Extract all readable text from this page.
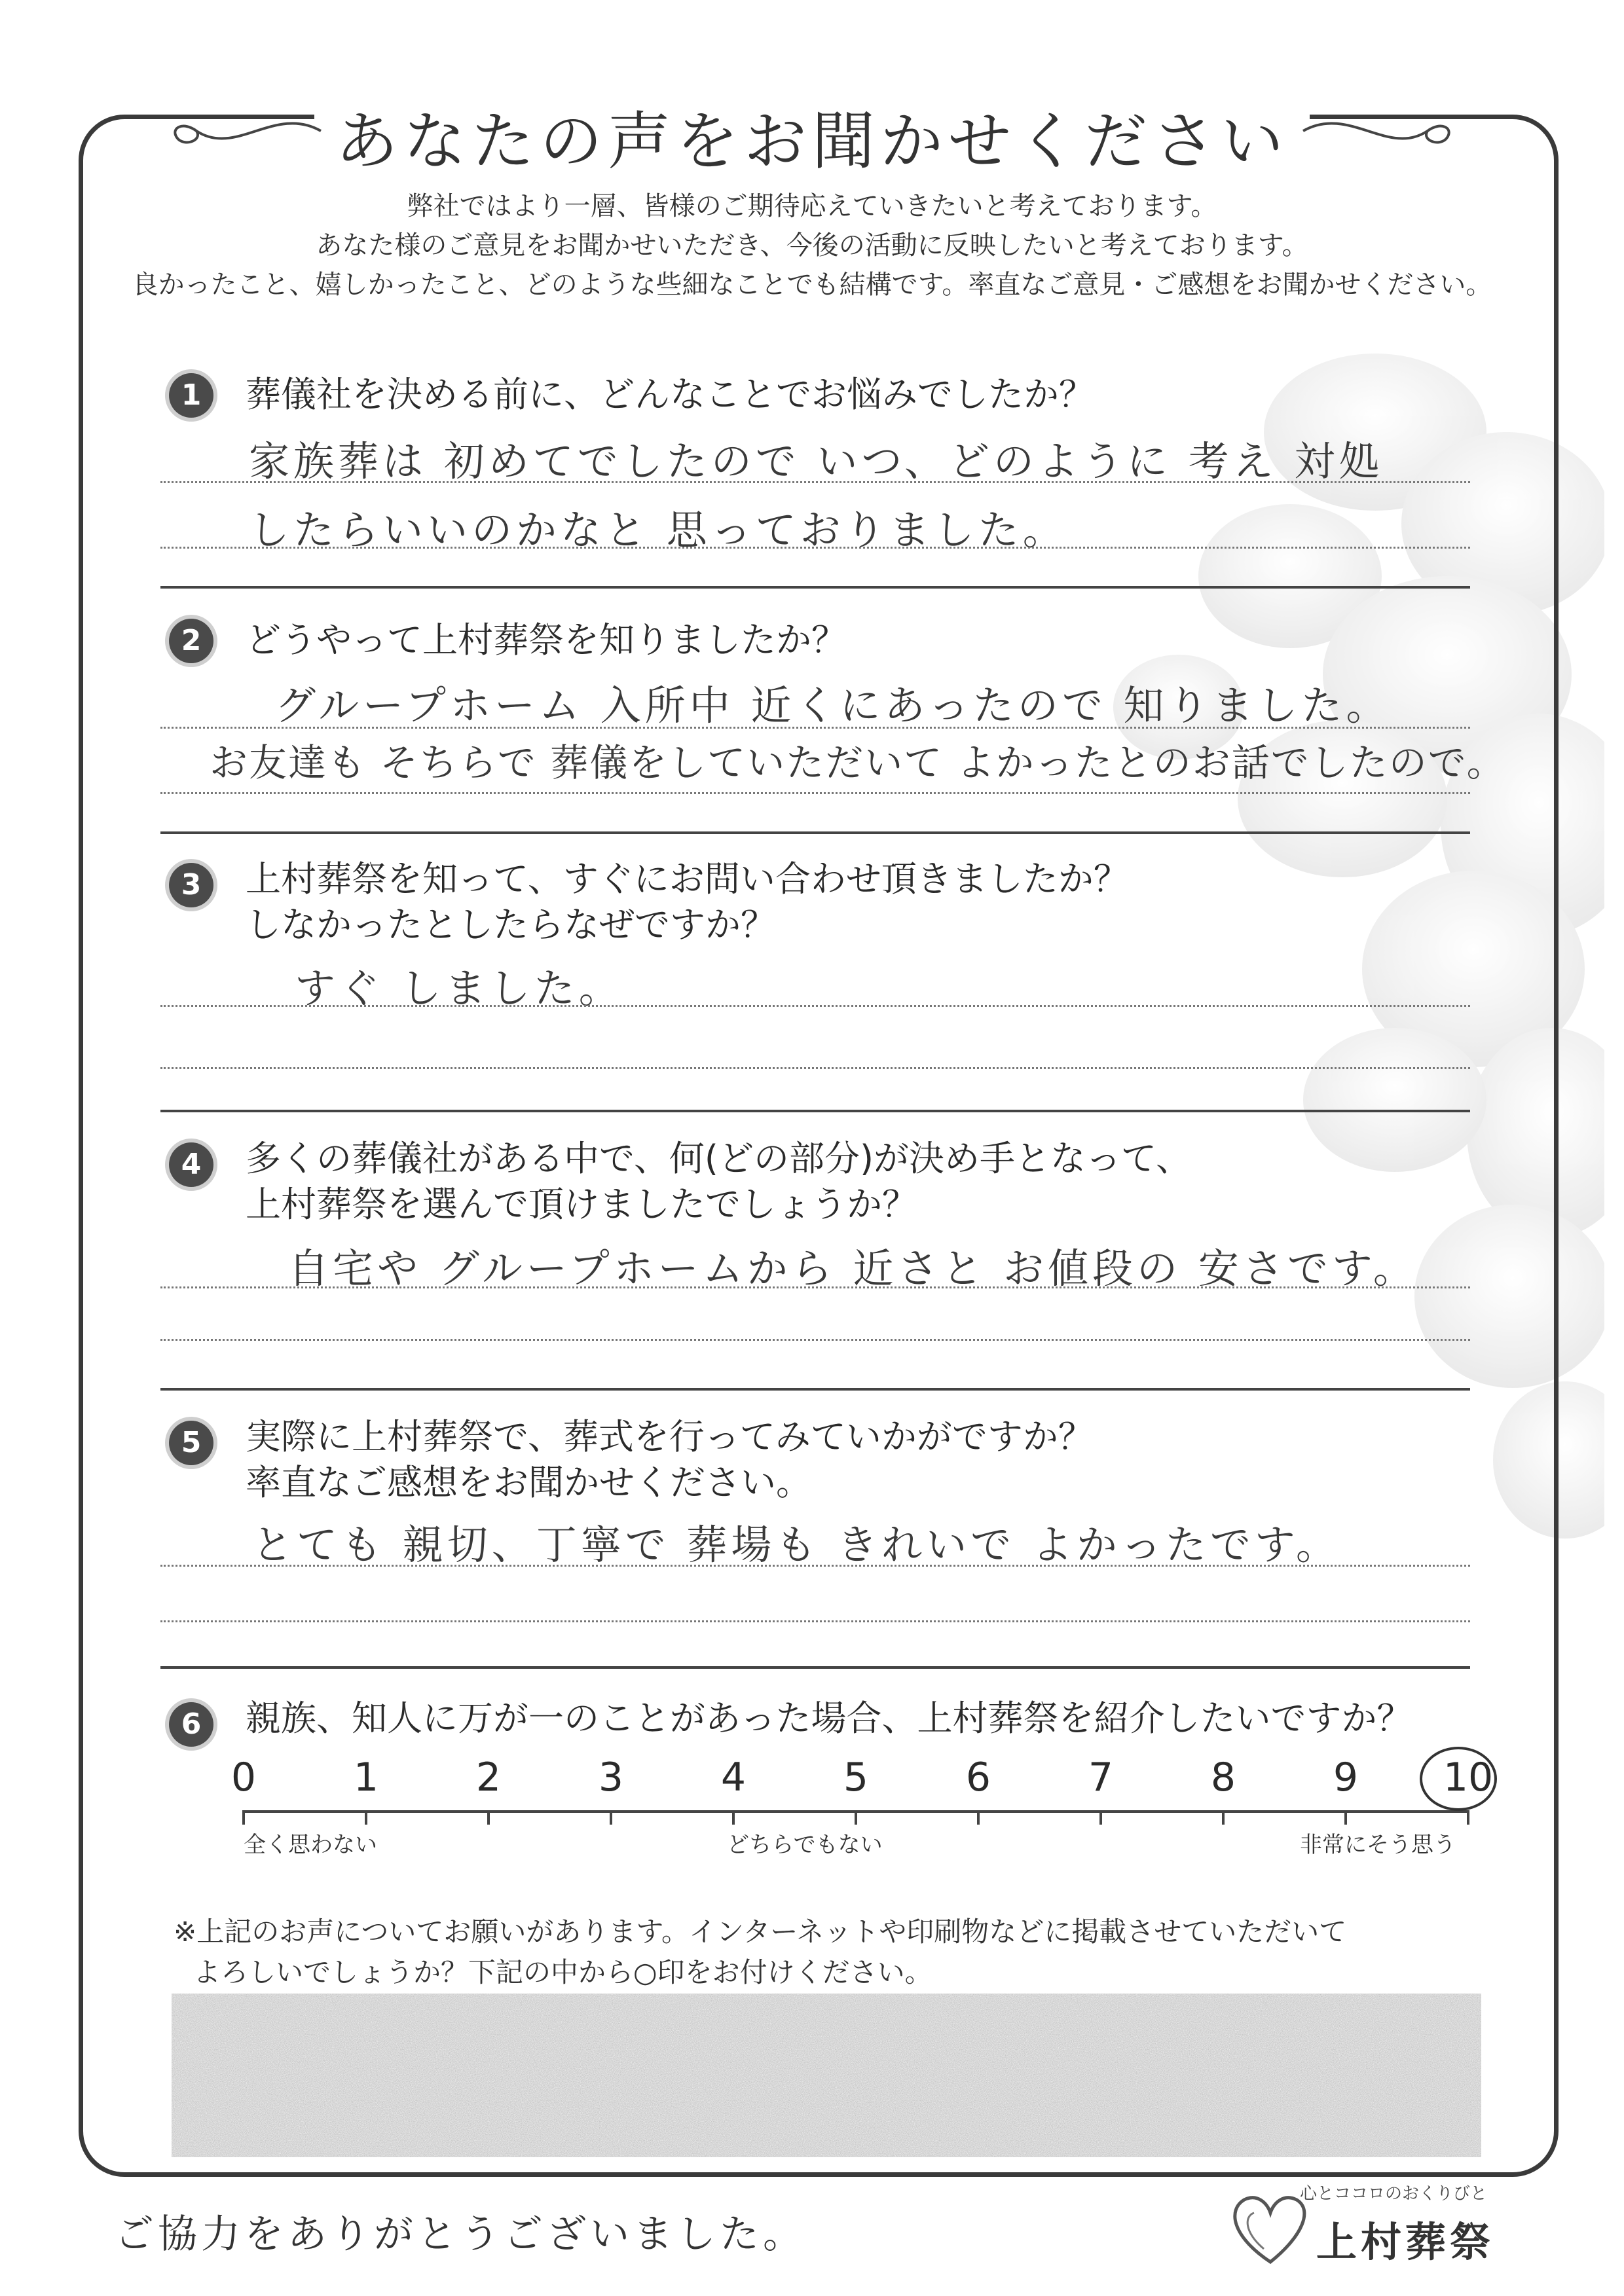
あなたの声をお聞かせください
弊社ではより一層、皆様のご期待応えていきたいと考えております。
あなた様のご意見をお聞かせいただき、今後の活動に反映したいと考えております。
良かったこと、嬉しかったこと、どのような些細なことでも結構です。率直なご意見・ご感想をお聞かせください。
1	葬儀社を決める前に、どんなことでお悩みでしたか？
家族葬は 初めてでしたので いつ、どのように 考え 対処
したらいいのかなと 思っておりました。
2	どうやって上村葬祭を知りましたか？
グループホーム 入所中 近くにあったので 知りました。
お友達も そちらで 葬儀をしていただいて よかったとのお話でしたので。
3	上村葬祭を知って、すぐにお問い合わせ頂きましたか？
しなかったとしたらなぜですか？
すぐ しました。
4	多くの葬儀社がある中で、何(どの部分)が決め手となって、
上村葬祭を選んで頂けましたでしょうか？
自宅や グループホームから 近さと お値段の 安さです。
5	実際に上村葬祭で、葬式を行ってみていかがですか？
率直なご感想をお聞かせください。
とても 親切、丁寧で 葬場も きれいで よかったです。
6	親族、知人に万が一のことがあった場合、上村葬祭を紹介したいですか？
0	1	2	3	4	5	6	7	8	9	10
全く思わない	どちらでもない	非常にそう思う
※上記のお声についてお願いがあります。インターネットや印刷物などに掲載させていただいて
よろしいでしょうか？下記の中から○印をお付けください。
ご協力をありがとうございました。
心とココロのおくりびと
上村葬祭
